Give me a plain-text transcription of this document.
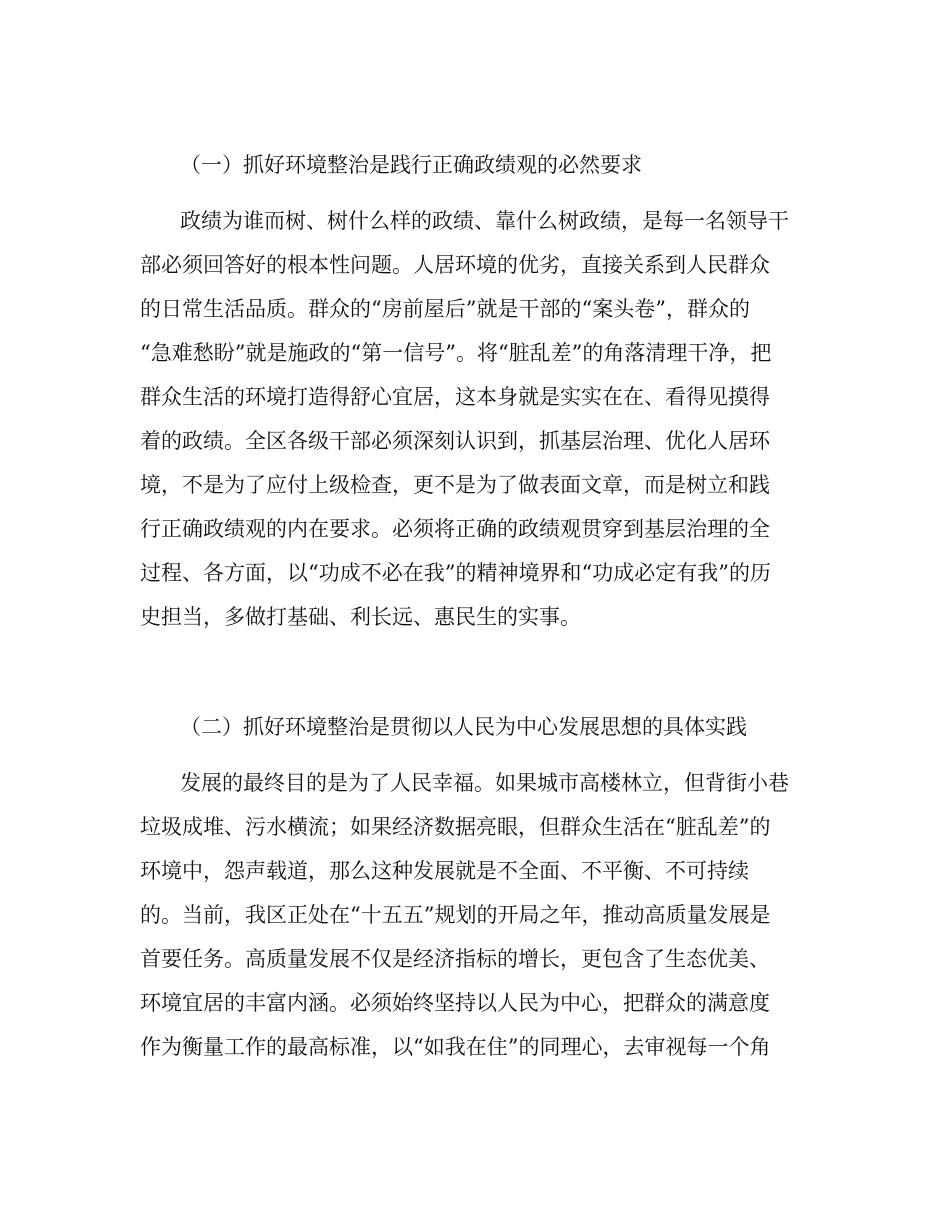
（一）抓好环境整治是践行正确政绩观的必然要求
政绩为谁而树、树什么样的政绩、靠什么树政绩，是每一名领导干
部必须回答好的根本性问题。人居环境的优劣，直接关系到人民群众
的日常生活品质。群众的“房前屋后”就是干部的“案头卷”，群众的
“急难愁盼”就是施政的“第一信号”。将“脏乱差”的角落清理干净，把
群众生活的环境打造得舒心宜居，这本身就是实实在在、看得见摸得
着的政绩。全区各级干部必须深刻认识到，抓基层治理、优化人居环
境，不是为了应付上级检查，更不是为了做表面文章，而是树立和践
行正确政绩观的内在要求。必须将正确的政绩观贯穿到基层治理的全
过程、各方面，以“功成不必在我”的精神境界和“功成必定有我”的历
史担当，多做打基础、利长远、惠民生的实事。
（二）抓好环境整治是贯彻以人民为中心发展思想的具体实践
发展的最终目的是为了人民幸福。如果城市高楼林立，但背街小巷
垃圾成堆、污水横流；如果经济数据亮眼，但群众生活在“脏乱差”的
环境中，怨声载道，那么这种发展就是不全面、不平衡、不可持续
的。当前，我区正处在“十五五”规划的开局之年，推动高质量发展是
首要任务。高质量发展不仅是经济指标的增长，更包含了生态优美、
环境宜居的丰富内涵。必须始终坚持以人民为中心，把群众的满意度
作为衡量工作的最高标准，以“如我在住”的同理心，去审视每一个角
